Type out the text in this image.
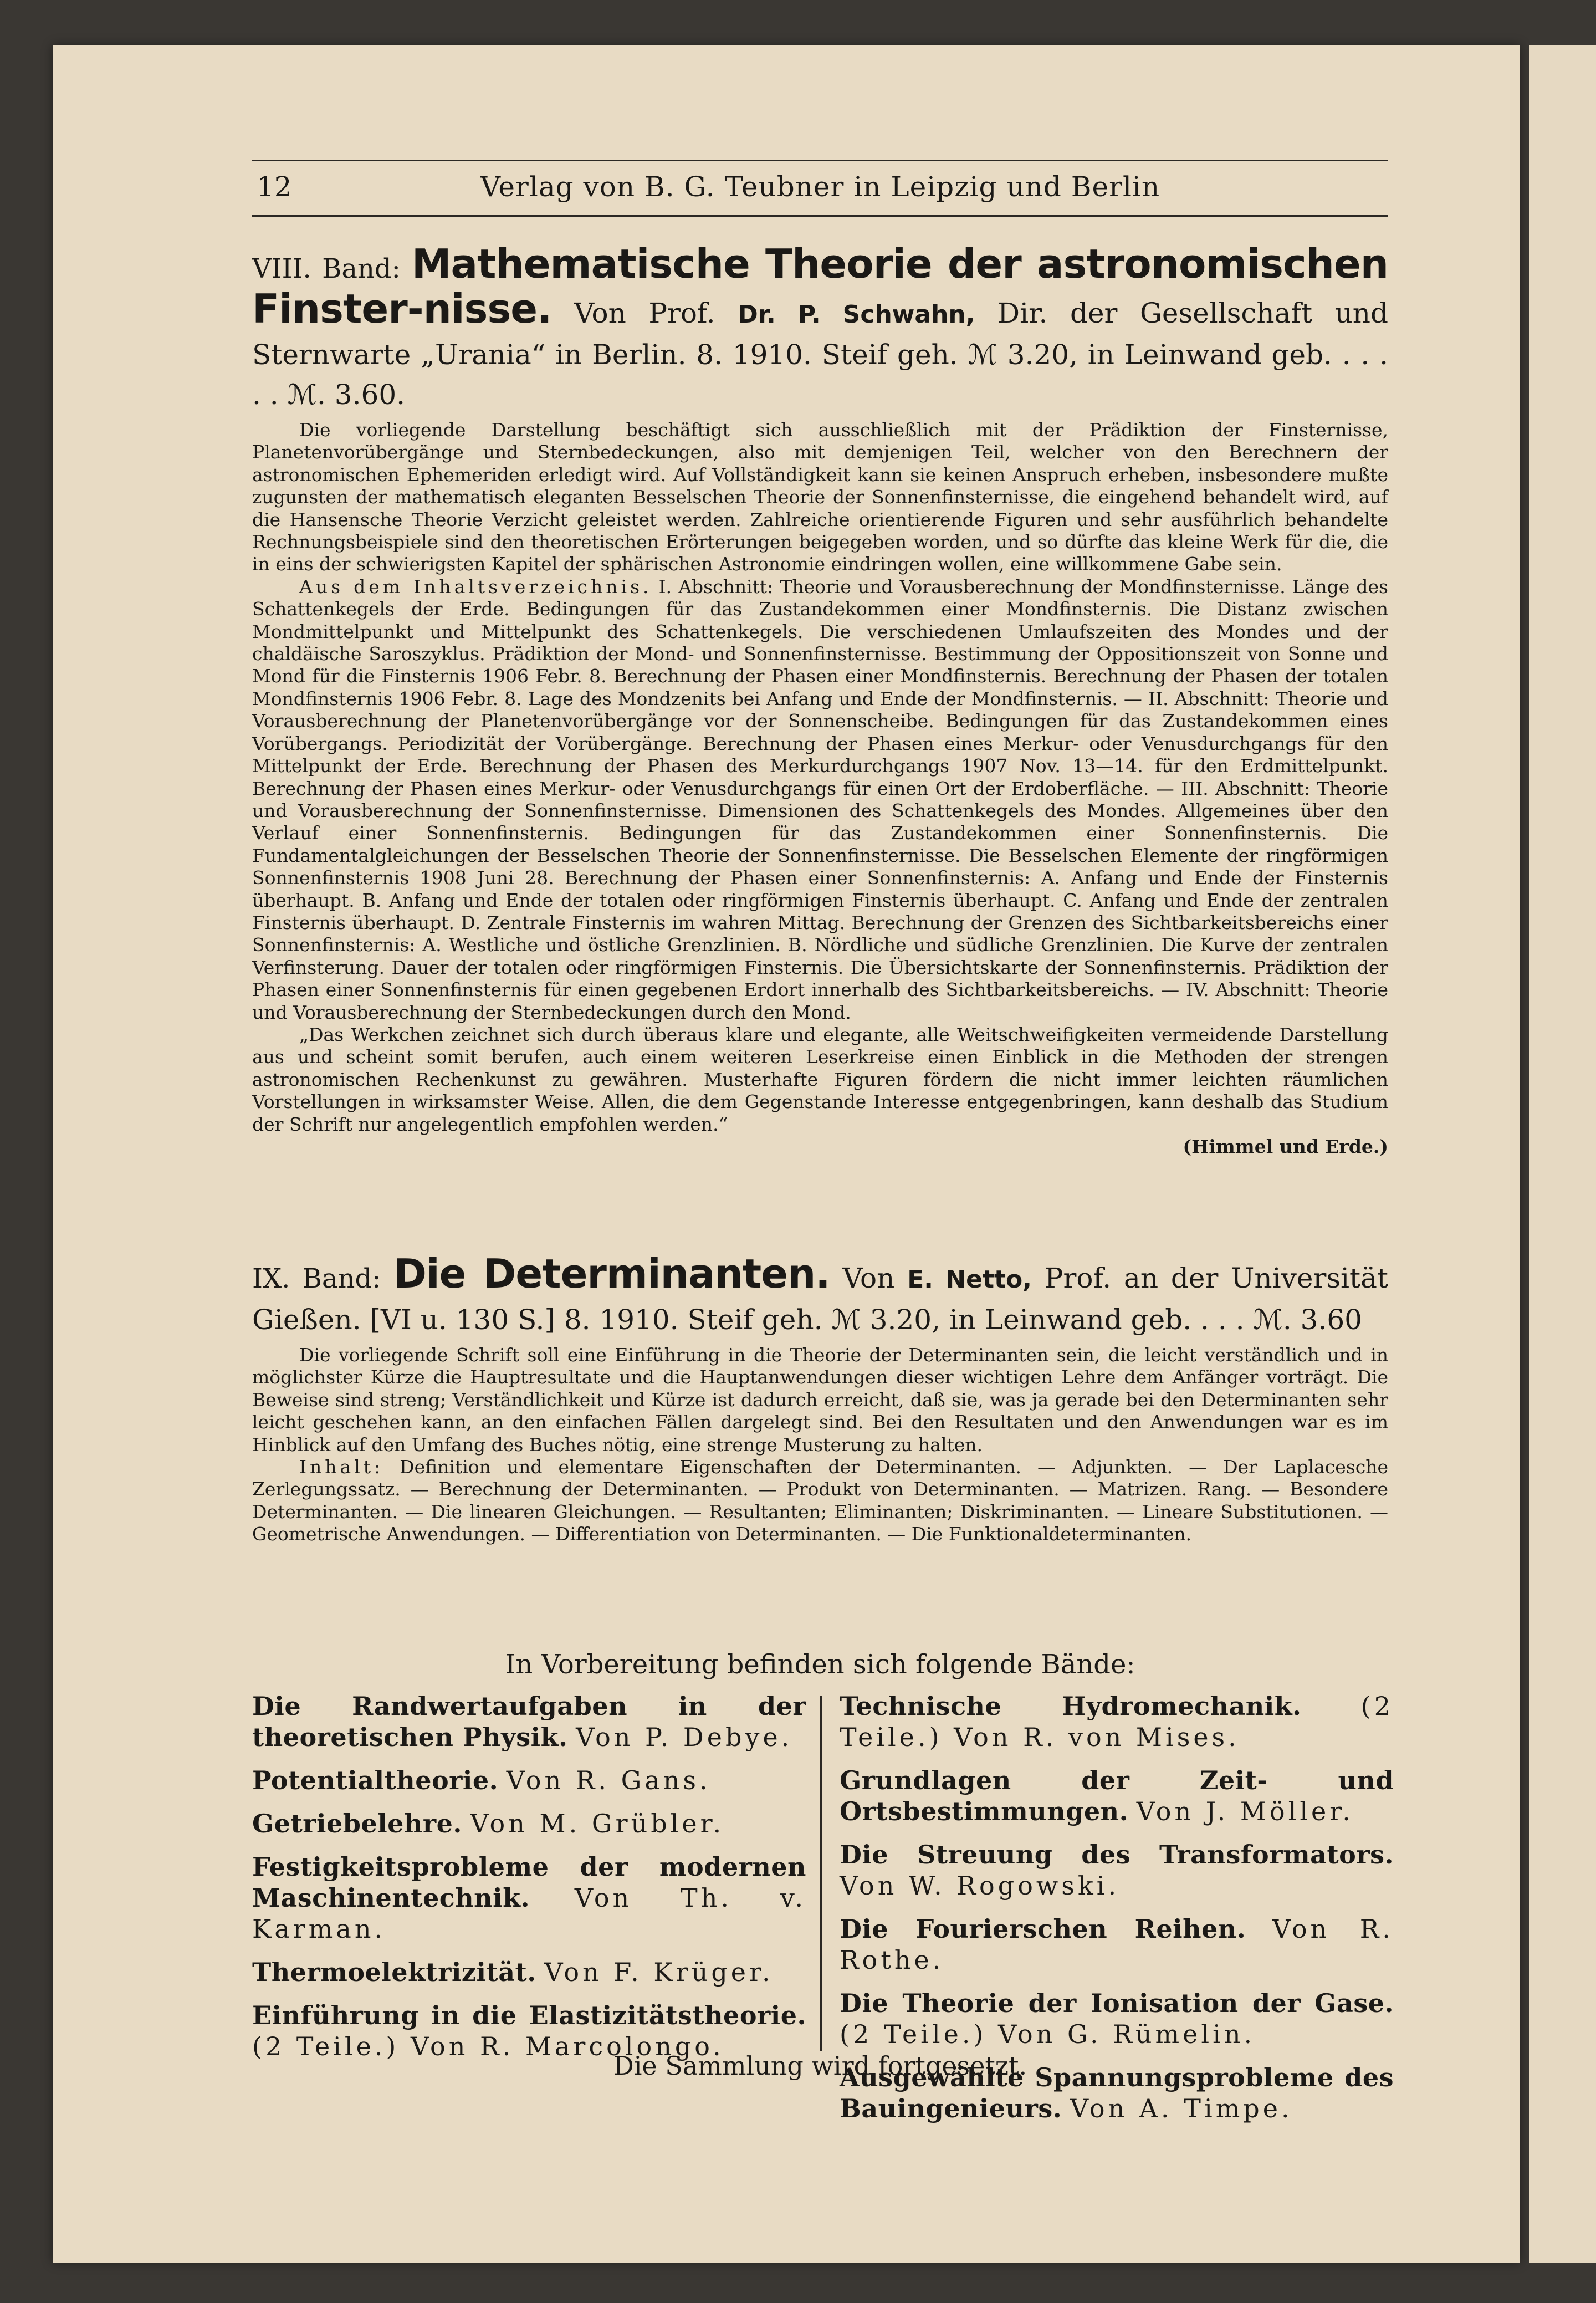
12	Verlag von B. G. Teubner in Leipzig und Berlin
VIII. Band: Mathematische Theorie der astronomischen Finster-nisse. Von Prof. Dr. P. Schwahn, Dir. der Gesellschaft und Sternwarte „Urania“ in Berlin. 8. 1910. Steif geh. ℳ 3.20, in Leinwand geb. . . . . . ℳ. 3.60.

Die vorliegende Darstellung beschäftigt sich ausschließlich mit der Prädiktion der Finsternisse, Planetenvorübergänge und Sternbedeckungen, also mit demjenigen Teil, welcher von den Berechnern der astronomischen Ephemeriden erledigt wird. Auf Vollständigkeit kann sie keinen Anspruch erheben, insbesondere mußte zugunsten der mathematisch eleganten Besselschen Theorie der Sonnenfinsternisse, die eingehend behandelt wird, auf die Hansensche Theorie Verzicht geleistet werden. Zahlreiche orientierende Figuren und sehr ausführlich behandelte Rechnungsbeispiele sind den theoretischen Erörterungen beigegeben worden, und so dürfte das kleine Werk für die, die in eins der schwierigsten Kapitel der sphärischen Astronomie eindringen wollen, eine willkommene Gabe sein.

Aus dem Inhaltsverzeichnis. I. Abschnitt: Theorie und Vorausberechnung der Mondfinsternisse. Länge des Schattenkegels der Erde. Bedingungen für das Zustandekommen einer Mondfinsternis. Die Distanz zwischen Mondmittelpunkt und Mittelpunkt des Schattenkegels. Die verschiedenen Umlaufszeiten des Mondes und der chaldäische Saroszyklus. Prädiktion der Mond- und Sonnenfinsternisse. Bestimmung der Oppositionszeit von Sonne und Mond für die Finsternis 1906 Febr. 8. Berechnung der Phasen einer Mondfinsternis. Berechnung der Phasen der totalen Mondfinsternis 1906 Febr. 8. Lage des Mondzenits bei Anfang und Ende der Mondfinsternis. — II. Abschnitt: Theorie und Vorausberechnung der Planetenvorübergänge vor der Sonnenscheibe. Bedingungen für das Zustandekommen eines Vorübergangs. Periodizität der Vorübergänge. Berechnung der Phasen eines Merkur- oder Venusdurchgangs für den Mittelpunkt der Erde. Berechnung der Phasen des Merkurdurchgangs 1907 Nov. 13—14. für den Erdmittelpunkt. Berechnung der Phasen eines Merkur- oder Venusdurchgangs für einen Ort der Erdoberfläche. — III. Abschnitt: Theorie und Vorausberechnung der Sonnenfinsternisse. Dimensionen des Schattenkegels des Mondes. Allgemeines über den Verlauf einer Sonnenfinsternis. Bedingungen für das Zustandekommen einer Sonnenfinsternis. Die Fundamentalgleichungen der Besselschen Theorie der Sonnenfinsternisse. Die Besselschen Elemente der ringförmigen Sonnenfinsternis 1908 Juni 28. Berechnung der Phasen einer Sonnenfinsternis: A. Anfang und Ende der Finsternis überhaupt. B. Anfang und Ende der totalen oder ringförmigen Finsternis überhaupt. C. Anfang und Ende der zentralen Finsternis überhaupt. D. Zentrale Finsternis im wahren Mittag. Berechnung der Grenzen des Sichtbarkeitsbereichs einer Sonnenfinsternis: A. Westliche und östliche Grenzlinien. B. Nördliche und südliche Grenzlinien. Die Kurve der zentralen Verfinsterung. Dauer der totalen oder ringförmigen Finsternis. Die Übersichtskarte der Sonnenfinsternis. Prädiktion der Phasen einer Sonnenfinsternis für einen gegebenen Erdort innerhalb des Sichtbarkeitsbereichs. — IV. Abschnitt: Theorie und Vorausberechnung der Sternbedeckungen durch den Mond.

„Das Werkchen zeichnet sich durch überaus klare und elegante, alle Weitschweifigkeiten vermeidende Darstellung aus und scheint somit berufen, auch einem weiteren Leserkreise einen Einblick in die Methoden der strengen astronomischen Rechenkunst zu gewähren. Musterhafte Figuren fördern die nicht immer leichten räumlichen Vorstellungen in wirksamster Weise. Allen, die dem Gegenstande Interesse entgegenbringen, kann deshalb das Studium der Schrift nur angelegentlich empfohlen werden.“
(Himmel und Erde.)

IX. Band: Die Determinanten. Von E. Netto, Prof. an der Universität Gießen. [VI u. 130 S.] 8. 1910. Steif geh. ℳ 3.20, in Leinwand geb. . . . ℳ. 3.60

Die vorliegende Schrift soll eine Einführung in die Theorie der Determinanten sein, die leicht verständlich und in möglichster Kürze die Hauptresultate und die Hauptanwendungen dieser wichtigen Lehre dem Anfänger vorträgt. Die Beweise sind streng; Verständlichkeit und Kürze ist dadurch erreicht, daß sie, was ja gerade bei den Determinanten sehr leicht geschehen kann, an den einfachen Fällen dargelegt sind. Bei den Resultaten und den Anwendungen war es im Hinblick auf den Umfang des Buches nötig, eine strenge Musterung zu halten.

Inhalt: Definition und elementare Eigenschaften der Determinanten. — Adjunkten. — Der Laplacesche Zerlegungssatz. — Berechnung der Determinanten. — Produkt von Determinanten. — Matrizen. Rang. — Besondere Determinanten. — Die linearen Gleichungen. — Resultanten; Eliminanten; Diskriminanten. — Lineare Substitutionen. — Geometrische Anwendungen. — Differentiation von Determinanten. — Die Funktionaldeterminanten.

In Vorbereitung befinden sich folgende Bände:
Die Randwertaufgaben in der theoretischen Physik. Von P. Debye.
Potentialtheorie. Von R. Gans.
Getriebelehre. Von M. Grübler.
Festigkeitsprobleme der modernen Maschinentechnik. Von Th. v. Karman.
Thermoelektrizität. Von F. Krüger.
Einführung in die Elastizitätstheorie. (2 Teile.) Von R. Marcolongo.
Technische Hydromechanik. (2 Teile.) Von R. von Mises.
Grundlagen der Zeit- und Ortsbestimmungen. Von J. Möller.
Die Streuung des Transformators. Von W. Rogowski.
Die Fourierschen Reihen. Von R. Rothe.
Die Theorie der Ionisation der Gase. (2 Teile.) Von G. Rümelin.
Ausgewählte Spannungsprobleme des Bauingenieurs. Von A. Timpe.
Die Sammlung wird fortgesetzt.
